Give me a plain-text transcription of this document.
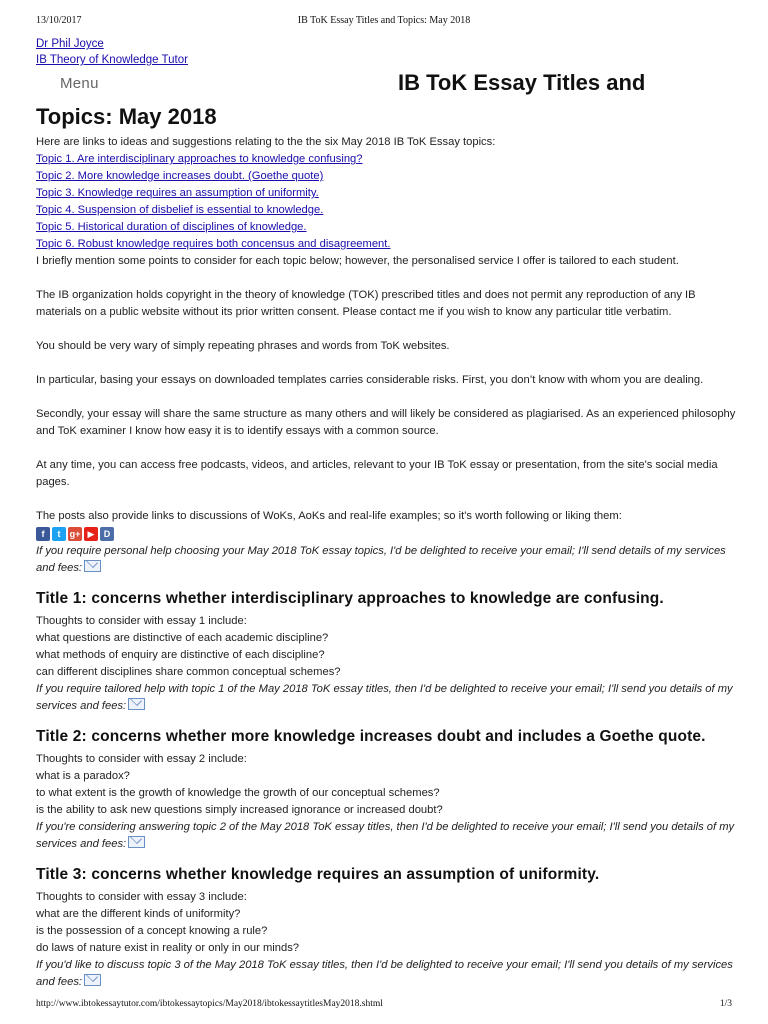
13/10/2017	IB ToK Essay Titles and Topics: May 2018
Dr Phil Joyce
IB Theory of Knowledge Tutor
Menu	IB ToK Essay Titles and
Topics: May 2018

Here are links to ideas and suggestions relating to the the six May 2018 IB ToK Essay topics:

Topic 1. Are interdisciplinary approaches to knowledge confusing?
Topic 2. More knowledge increases doubt. (Goethe quote)
Topic 3. Knowledge requires an assumption of uniformity.
Topic 4. Suspension of disbelief is essential to knowledge.
Topic 5. Historical duration of disciplines of knowledge.
Topic 6. Robust knowledge requires both concensus and disagreement.

I briefly mention some points to consider for each topic below; however, the personalised service I offer is tailored to each student.

The IB organization holds copyright in the theory of knowledge (TOK) prescribed titles and does not permit any reproduction of any IB materials on a public website without its prior written consent. Please contact me if you wish to know any particular title verbatim.

You should be very wary of simply repeating phrases and words from ToK websites.

In particular, basing your essays on downloaded templates carries considerable risks. First, you don’t know with whom you are dealing.

Secondly, your essay will share the same structure as many others and will likely be considered as plagiarised. As an experienced philosophy and ToK examiner I know how easy it is to identify essays with a common source.

At any time, you can access free podcasts, videos, and articles, relevant to your IB ToK essay or presentation, from the site's social media pages.

The posts also provide links to discussions of WoKs, AoKs and real-life examples; so it's worth following or liking them:

f	t	g+ ▶	D

If you require personal help choosing your May 2018 ToK essay topics, I'd be delighted to receive your email; I'll send details of my services and fees:

Title 1: concerns whether interdisciplinary approaches to knowledge are confusing.

Thoughts to consider with essay 1 include:

what questions are distinctive of each academic discipline?

what methods of enquiry are distinctive of each discipline?

can different disciplines share common conceptual schemes?

If you require tailored help with topic 1 of the May 2018 ToK essay titles, then I'd be delighted to receive your email; I'll send you details of my services and fees:

Title 2: concerns whether more knowledge increases doubt and includes a Goethe quote.

Thoughts to consider with essay 2 include:

what is a paradox?

to what extent is the growth of knowledge the growth of our conceptual schemes?

is the ability to ask new questions simply increased ignorance or increased doubt?

If you're considering answering topic 2 of the May 2018 ToK essay titles, then I'd be delighted to receive your email; I'll send you details of my services and fees:

Title 3: concerns whether knowledge requires an assumption of uniformity.

Thoughts to consider with essay 3 include:

what are the different kinds of uniformity?

is the possession of a concept knowing a rule?

do laws of nature exist in reality or only in our minds?

If you'd like to discuss topic 3 of the May 2018 ToK essay titles, then I'd be delighted to receive your email; I'll send you details of my services and fees:

http://www.ibtokessaytutor.com/ibtokessaytopics/May2018/ibtokessaytitlesMay2018.shtml	1/3
